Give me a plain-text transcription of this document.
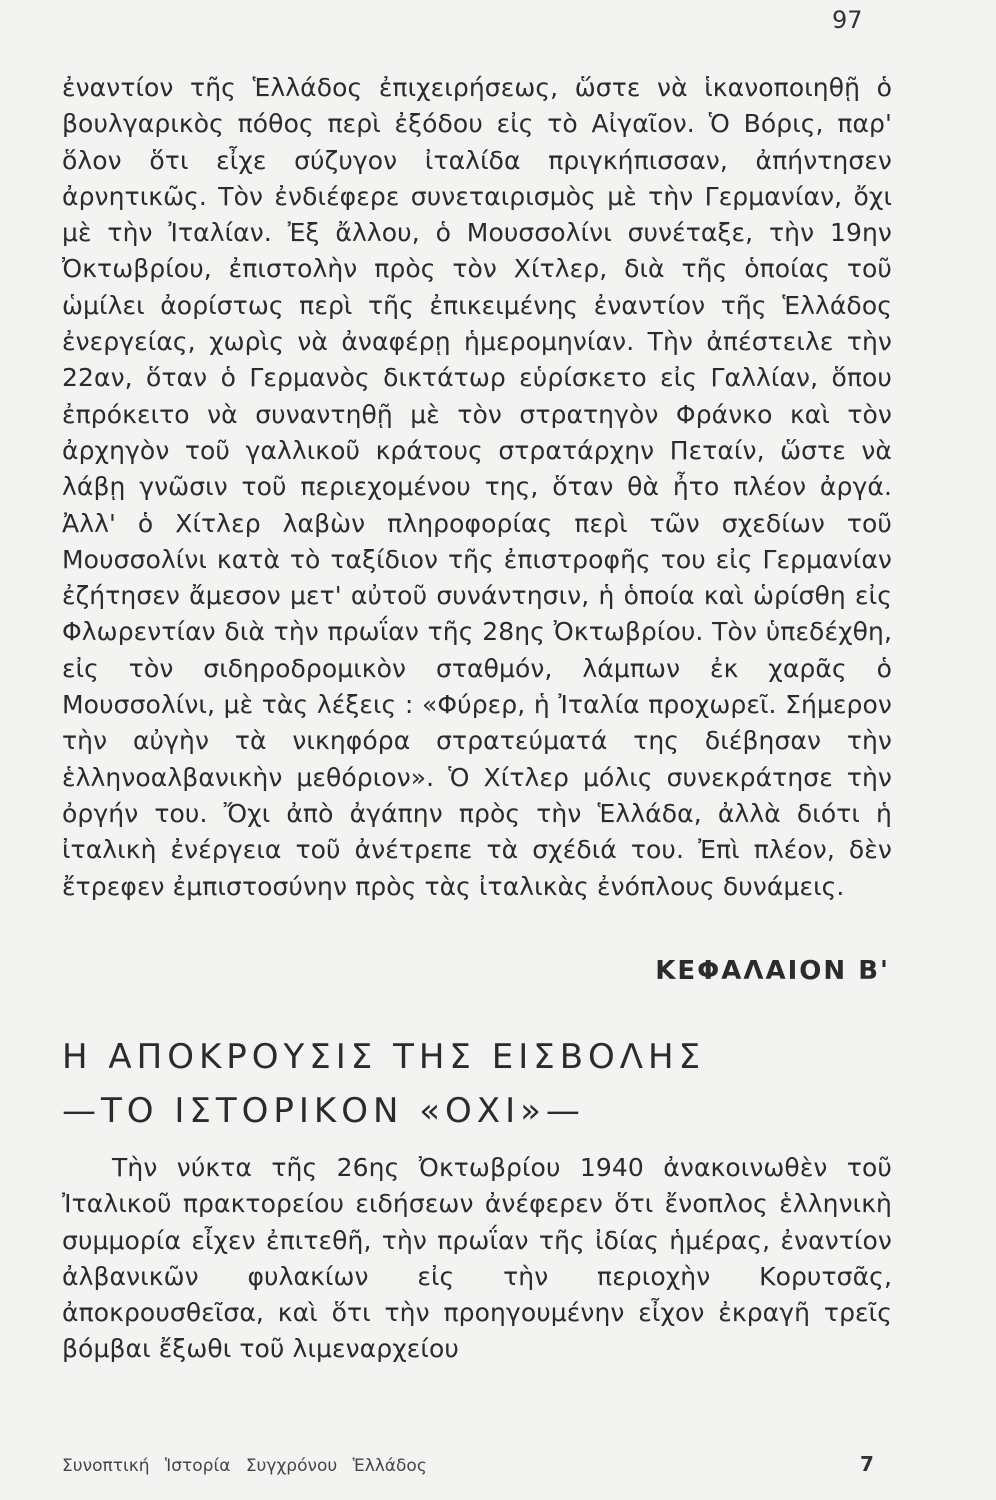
97

ἐναντίον τῆς Ἑλλάδος ἐπιχειρήσεως, ὥστε νὰ ἱκανοποιηθῇ ὁ βουλγαρικὸς πόθος περὶ ἐξόδου εἰς τὸ Αἰγαῖον. Ὁ Βόρις, παρ' ὅλον ὅτι εἶχε σύζυγον ἰταλίδα πριγκήπισσαν, ἀπήντησεν ἀρνητικῶς. Τὸν ἐνδιέφερε συνεταιρισμὸς μὲ τὴν Γερμανίαν, ὄχι μὲ τὴν Ἰταλίαν. Ἐξ ἄλλου, ὁ Μουσσολίνι συνέταξε, τὴν 19ην Ὀκτωβρίου, ἐπιστολὴν πρὸς τὸν Χίτλερ, διὰ τῆς ὁποίας τοῦ ὡμίλει ἀορίστως περὶ τῆς ἐπικειμένης ἐναντίον τῆς Ἑλλάδος ἐνεργείας, χωρὶς νὰ ἀναφέρῃ ἡμερομηνίαν. Τὴν ἀπέστειλε τὴν 22αν, ὅταν ὁ Γερμανὸς δικτάτωρ εὑρίσκετο εἰς Γαλλίαν, ὅπου ἐπρόκειτο νὰ συναντηθῇ μὲ τὸν στρατηγὸν Φράνκο καὶ τὸν ἀρχηγὸν τοῦ γαλλικοῦ κράτους στρατάρχην Πεταίν, ὥστε νὰ λάβῃ γνῶσιν τοῦ περιεχομένου της, ὅταν θὰ ἦτο πλέον ἀργά. Ἀλλ' ὁ Χίτλερ λαβὼν πληροφορίας περὶ τῶν σχεδίων τοῦ Μουσσολίνι κατὰ τὸ ταξίδιον τῆς ἐπιστροφῆς του εἰς Γερμανίαν ἐζήτησεν ἄμεσον μετ' αὐτοῦ συνάντησιν, ἡ ὁποία καὶ ὡρίσθη εἰς Φλωρεντίαν διὰ τὴν πρωΐαν τῆς 28ης Ὀκτωβρίου. Τὸν ὑπεδέχθη, εἰς τὸν σιδηροδρομικὸν σταθμόν, λάμπων ἐκ χαρᾶς ὁ Μουσσολίνι, μὲ τὰς λέξεις : «Φύρερ, ἡ Ἰταλία προχωρεῖ. Σήμερον τὴν αὐγὴν τὰ νικηφόρα στρατεύματά της διέβησαν τὴν ἑλληνοαλβανικὴν μεθόριον». Ὁ Χίτλερ μόλις συνεκράτησε τὴν ὀργήν του. Ὄχι ἀπὸ ἀγάπην πρὸς τὴν Ἑλλάδα, ἀλλὰ διότι ἡ ἰταλικὴ ἐνέργεια τοῦ ἀνέτρεπε τὰ σχέδιά του. Ἐπὶ πλέον, δὲν ἔτρεφεν ἐμπιστοσύνην πρὸς τὰς ἰταλικὰς ἐνόπλους δυνάμεις.

ΚΕΦΑΛΑΙΟΝ Β'
Η ΑΠΟΚΡΟΥΣΙΣ ΤΗΣ ΕΙΣΒΟΛΗΣ
—ΤΟ ΙΣΤΟΡΙΚΟΝ «ΟΧΙ»—

Τὴν νύκτα τῆς 26ης Ὀκτωβρίου 1940 ἀνακοινωθὲν τοῦ Ἰταλικοῦ πρακτορείου ειδήσεων ἀνέφερεν ὅτι ἔνοπλος ἑλληνικὴ συμμορία εἶχεν ἐπιτεθῆ, τὴν πρωΐαν τῆς ἰδίας ἡμέρας, ἐναντίον ἀλβανικῶν φυλακίων εἰς τὴν περιοχὴν Κορυτσᾶς, ἀποκρουσθεῖσα, καὶ ὅτι τὴν προηγουμένην εἶχον ἐκραγῆ τρεῖς βόμβαι ἔξωθι τοῦ λιμεναρχείου

Συνοπτική Ἱστορία Συγχρόνου Ἑλλάδος	7
